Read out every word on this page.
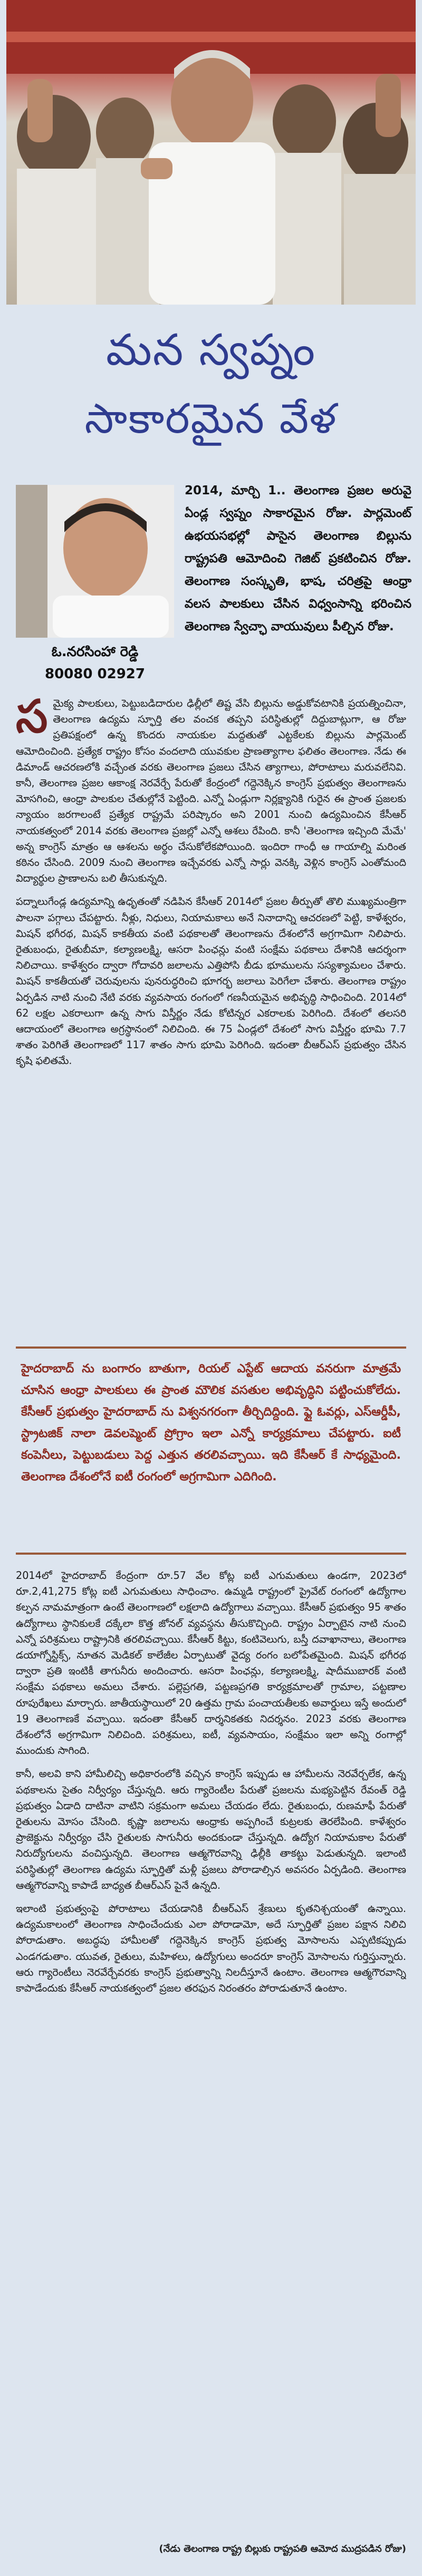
మన స్వప్నం
సాకారమైన వేళ
ఓ.నరసింహా రెడ్డి
80080 02927
2014, మార్చి 1.. తెలంగాణ ప్రజల అరువై ఏండ్ల స్వప్నం సాకారమైన రోజు. పార్లమెంట్ ఉభయసభల్లో పాసైన తెలంగాణ బిల్లును రాష్ట్రపతి ఆమోదించి గెజిట్ ప్రకటించిన రోజు. తెలంగాణ సంస్కృతి, భాష, చరిత్రపై ఆంధ్రా వలస పాలకులు చేసిన విధ్వంసాన్ని భరించిన తెలంగాణ స్వేచ్ఛా వాయువులు పీల్చిన రోజు.

సమైక్య పాలకులు, పెట్టుబడిదారుల ఢిల్లీలో తిష్ట వేసి బిల్లును అడ్డుకోవటానికి ప్రయత్నించినా, తెలంగాణ ఉద్యమ స్ఫూర్తి తల వంచక తప్పని పరిస్థితుల్లో దిద్దుబాట్లుగా, ఆ రోజు ప్రతిపక్షంలో ఉన్న కొందరు నాయకుల మద్దతుతో ఎట్టకేలకు బిల్లును పార్లమెంట్ ఆమోదించింది. ప్రత్యేక రాష్ట్రం కోసం వందలాది యువకుల ప్రాణత్యాగాల ఫలితం తెలంగాణ. నేడు ఈ డిమాండ్ ఆచరణలోకి వచ్చేంత వరకు తెలంగాణ ప్రజలు చేసిన త్యాగాలు, పోరాటాలు మరువలేనివి. కానీ, తెలంగాణ ప్రజల ఆకాంక్ష నెరవేర్చే పేరుతో కేంద్రంలో గద్దెనెక్కిన కాంగ్రెస్ ప్రభుత్వం తెలంగాణను మోసగించి, ఆంధ్రా పాలకుల చేతుల్లోనే పెట్టింది. ఎన్నో ఏండ్లుగా నిర్లక్ష్యానికి గురైన ఈ ప్రాంత ప్రజలకు న్యాయం జరగాలంటే ప్రత్యేక రాష్ట్రమే పరిష్కారం అని 2001 నుంచి ఉద్యమించిన కేసీఆర్ నాయకత్వంలో 2014 వరకు తెలంగాణ ప్రజల్లో ఎన్నో ఆశలు రేపింది. కానీ 'తెలంగాణ ఇచ్చింది మేమే' అన్న కాంగ్రెస్ మాత్రం ఆ ఆశలను అర్థం చేసుకోలేకపోయింది. ఇందిరా గాంధీ ఆ గాయాల్ని మరింత కఠినం చేసింది. 2009 నుంచి తెలంగాణ ఇచ్చేవరకు ఎన్నో సార్లు వెనక్కి వెళ్లిన కాంగ్రెస్ ఎంతోమంది విద్యార్థుల ప్రాణాలను బలి తీసుకున్నది.

పద్నాలుగేండ్ల ఉద్యమాన్ని ఉధృతంతో నడిపిన కేసీఆర్ 2014లో ప్రజల తీర్పుతో తొలి ముఖ్యమంత్రిగా పాలనా పగ్గాలు చేపట్టారు. నీళ్లు, నిధులు, నియామకాలు అనే నినాదాన్ని ఆచరణలో పెట్టి, కాళేశ్వరం, మిషన్ భగీరథ, మిషన్ కాకతీయ వంటి పథకాలతో తెలంగాణను దేశంలోనే అగ్రగామిగా నిలిపారు. రైతుబంధు, రైతుబీమా, కల్యాణలక్ష్మి, ఆసరా పింఛన్లు వంటి సంక్షేమ పథకాలు దేశానికి ఆదర్శంగా నిలిచాయి. కాళేశ్వరం ద్వారా గోదావరి జలాలను ఎత్తిపోసి బీడు భూములను సస్యశ్యామలం చేశారు. మిషన్ కాకతీయతో చెరువులను పునరుద్ధరించి భూగర్భ జలాలు పెరిగేలా చేశారు. తెలంగాణ రాష్ట్రం ఏర్పడిన నాటి నుంచి నేటి వరకు వ్యవసాయ రంగంలో గణనీయమైన అభివృద్ధి సాధించింది. 2014లో 62 లక్షల ఎకరాలుగా ఉన్న సాగు విస్తీర్ణం నేడు కోటిన్నర ఎకరాలకు పెరిగింది. దేశంలో తలసరి ఆదాయంలో తెలంగాణ అగ్రస్థానంలో నిలిచింది. ఈ 75 ఏండ్లలో దేశంలో సాగు విస్తీర్ణం భూమి 7.7 శాతం పెరిగితే తెలంగాణలో 117 శాతం సాగు భూమి పెరిగింది. ఇదంతా బీఆర్ఎస్ ప్రభుత్వం చేసిన కృషి ఫలితమే.

హైదరాబాద్ ను బంగారం బాతుగా, రియల్ ఎస్టేట్ ఆదాయ వనరుగా మాత్రమే చూసిన ఆంధ్రా పాలకులు ఈ ప్రాంత మౌలిక వసతుల అభివృద్ధిని పట్టించుకోలేదు. కేసీఆర్ ప్రభుత్వం హైదరాబాద్ ను విశ్వనగరంగా తీర్చిదిద్దింది. ఫ్లై ఓవర్లు, ఎస్ఆర్డీపీ, స్ట్రాటజిక్ నాలా డెవలప్మెంట్ ప్రోగ్రాం ఇలా ఎన్నో కార్యక్రమాలు చేపట్టారు. ఐటీ కంపెనీలు, పెట్టుబడులు పెద్ద ఎత్తున తరలివచ్చాయి. ఇది కేసీఆర్ కే సాధ్యమైంది. తెలంగాణ దేశంలోనే ఐటీ రంగంలో అగ్రగామిగా ఎదిగింది.

2014లో హైదరాబాద్ కేంద్రంగా రూ.57 వేల కోట్ల ఐటీ ఎగుమతులు ఉండగా, 2023లో రూ.2,41,275 కోట్ల ఐటీ ఎగుమతులు సాధించాం. ఉమ్మడి రాష్ట్రంలో ప్రైవేట్ రంగంలో ఉద్యోగాల కల్పన నామమాత్రంగా ఉంటే తెలంగాణలో లక్షలాది ఉద్యోగాలు వచ్చాయి. కేసీఆర్ ప్రభుత్వం 95 శాతం ఉద్యోగాలు స్థానికులకే దక్కేలా కొత్త జోనల్ వ్యవస్థను తీసుకొచ్చింది. రాష్ట్రం ఏర్పాటైన నాటి నుంచి ఎన్నో పరిశ్రమలు రాష్ట్రానికి తరలివచ్చాయి. కేసీఆర్ కిట్టు, కంటివెలుగు, బస్తీ దవాఖానాలు, తెలంగాణ డయాగ్నోస్టిక్స్, నూతన మెడికల్ కాలేజీల ఏర్పాటుతో వైద్య రంగం బలోపేతమైంది. మిషన్ భగీరథ ద్వారా ప్రతి ఇంటికీ తాగునీరు అందించారు. ఆసరా పింఛన్లు, కల్యాణలక్ష్మి, షాదీముబారక్ వంటి సంక్షేమ పథకాలు అమలు చేశారు. పల్లెప్రగతి, పట్టణప్రగతి కార్యక్రమాలతో గ్రామాల, పట్టణాల రూపురేఖలు మార్చారు. జాతీయస్థాయిలో 20 ఉత్తమ గ్రామ పంచాయతీలకు అవార్డులు ఇస్తే అందులో 19 తెలంగాణకే వచ్చాయి. ఇదంతా కేసీఆర్ దార్శనికతకు నిదర్శనం. 2023 వరకు తెలంగాణ దేశంలోనే అగ్రగామిగా నిలిచింది. పరిశ్రమలు, ఐటీ, వ్యవసాయం, సంక్షేమం ఇలా అన్ని రంగాల్లో ముందుకు సాగింది.

కానీ, అలవి కాని హామీలిచ్చి అధికారంలోకి వచ్చిన కాంగ్రెస్ ఇప్పుడు ఆ హామీలను నెరవేర్చలేక, ఉన్న పథకాలను సైతం నిర్వీర్యం చేస్తున్నది. ఆరు గ్యారెంటీల పేరుతో ప్రజలను మభ్యపెట్టిన రేవంత్ రెడ్డి ప్రభుత్వం ఏడాది దాటినా వాటిని సక్రమంగా అమలు చేయడం లేదు. రైతుబంధు, రుణమాఫీ పేరుతో రైతులను మోసం చేసింది. కృష్ణా జలాలను ఆంధ్రాకు అప్పగించే కుట్రలకు తెరలేపింది. కాళేశ్వరం ప్రాజెక్టును నిర్వీర్యం చేసి రైతులకు సాగునీరు అందకుండా చేస్తున్నది. ఉద్యోగ నియామకాల పేరుతో నిరుద్యోగులను వంచిస్తున్నది. తెలంగాణ ఆత్మగౌరవాన్ని ఢిల్లీకి తాకట్టు పెడుతున్నది. ఇలాంటి పరిస్థితుల్లో తెలంగాణ ఉద్యమ స్ఫూర్తితో మళ్లీ ప్రజలు పోరాడాల్సిన అవసరం ఏర్పడింది. తెలంగాణ ఆత్మగౌరవాన్ని కాపాడే బాధ్యత బీఆర్ఎస్ పైనే ఉన్నది.

ఇలాంటి ప్రభుత్వంపై పోరాటాలు చేయడానికి బీఆర్ఎస్ శ్రేణులు కృతనిశ్చయంతో ఉన్నాయి. ఉద్యమకాలంలో తెలంగాణ సాధించేందుకు ఎలా పోరాడామో, అదే స్ఫూర్తితో ప్రజల పక్షాన నిలిచి పోరాడుతాం. అబద్ధపు హామీలతో గద్దెనెక్కిన కాంగ్రెస్ ప్రభుత్వ మోసాలను ఎప్పటికప్పుడు ఎండగడుతాం. యువత, రైతులు, మహిళలు, ఉద్యోగులు అందరూ కాంగ్రెస్ మోసాలను గుర్తిస్తున్నారు. ఆరు గ్యారెంటీలు నెరవేర్చేవరకు కాంగ్రెస్ ప్రభుత్వాన్ని నిలదీస్తూనే ఉంటాం. తెలంగాణ ఆత్మగౌరవాన్ని కాపాడేందుకు కేసీఆర్ నాయకత్వంలో ప్రజల తరఫున నిరంతరం పోరాడుతూనే ఉంటాం.

(నేడు తెలంగాణ రాష్ట్ర బిల్లుకు రాష్ట్రపతి ఆమోద ముద్రపడిన రోజు)
